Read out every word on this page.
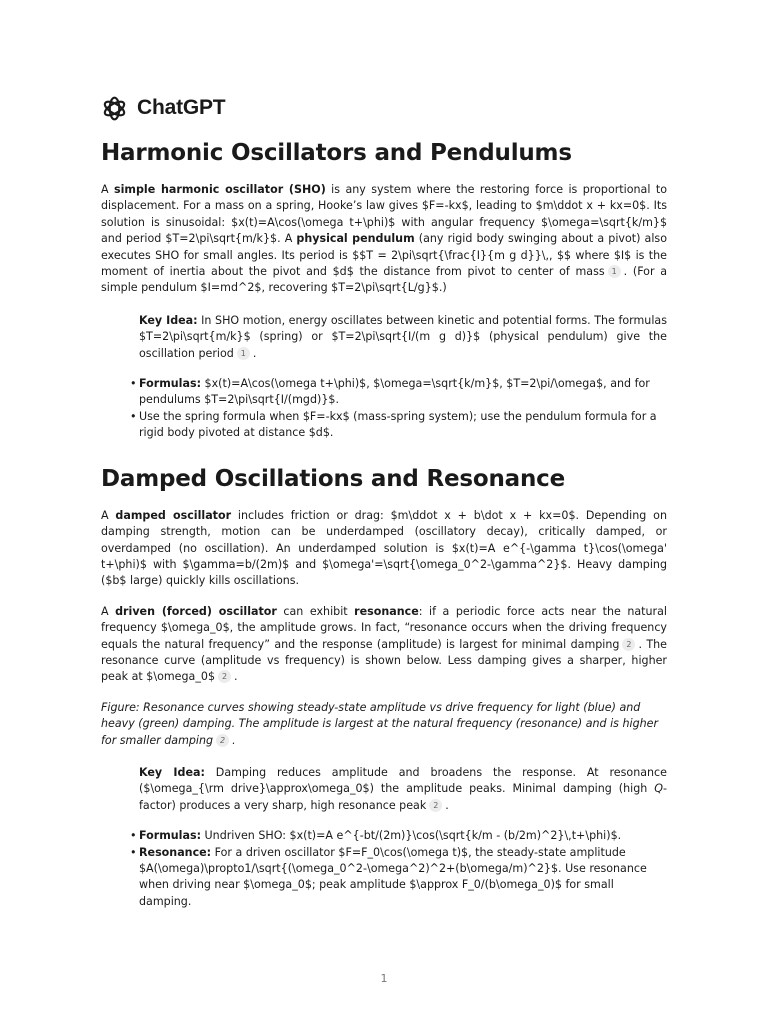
ChatGPT
Harmonic Oscillators and Pendulums

A simple harmonic oscillator (SHO) is any system where the restoring force is proportional to displacement. For a mass on a spring, Hooke’s law gives $F=-kx$, leading to $m\ddot x + kx=0$. Its solution is sinusoidal: $x(t)=A\cos(\omega t+\phi)$ with angular frequency $\omega=\sqrt{k/m}$ and period $T=2\pi\sqrt{m/k}$. A physical pendulum (any rigid body swinging about a pivot) also executes SHO for small angles. Its period is $$T = 2\pi\sqrt{\frac{I}{m g d}}\,, $$ where $I$ is the moment of inertia about the pivot and $d$ the distance from pivot to center of mass 1 . (For a simple pendulum $I=md^2$, recovering $T=2\pi\sqrt{L/g}$.)

Key Idea: In SHO motion, energy oscillates between kinetic and potential forms. The formulas $T=2\pi\sqrt{m/k}$ (spring) or $T=2\pi\sqrt{I/(m g d)}$ (physical pendulum) give the oscillation period 1 .

• Formulas: $x(t)=A\cos(\omega t+\phi)$, $\omega=\sqrt{k/m}$, $T=2\pi/\omega$, and for pendulums $T=2\pi\sqrt{I/(mgd)}$.
• Use the spring formula when $F=-kx$ (mass-spring system); use the pendulum formula for a rigid body pivoted at distance $d$.
Damped Oscillations and Resonance

A damped oscillator includes friction or drag: $m\ddot x + b\dot x + kx=0$. Depending on damping strength, motion can be underdamped (oscillatory decay), critically damped, or overdamped (no oscillation). An underdamped solution is $x(t)=A e^{-\gamma t}\cos(\omega' t+\phi)$ with $\gamma=b/(2m)$ and $\omega'=\sqrt{\omega_0^2-\gamma^2}$. Heavy damping ($b$ large) quickly kills oscillations.

A driven (forced) oscillator can exhibit resonance: if a periodic force acts near the natural frequency $\omega_0$, the amplitude grows. In fact, “resonance occurs when the driving frequency equals the natural frequency” and the response (amplitude) is largest for minimal damping 2 . The resonance curve (amplitude vs frequency) is shown below. Less damping gives a sharper, higher peak at $\omega_0$ 2 .

Figure: Resonance curves showing steady-state amplitude vs drive frequency for light (blue) and heavy (green) damping. The amplitude is largest at the natural frequency (resonance) and is higher for smaller damping 2 .

Key Idea: Damping reduces amplitude and broadens the response. At resonance ($\omega_{\rm drive}\approx\omega_0$) the amplitude peaks. Minimal damping (high Q-factor) produces a very sharp, high resonance peak 2 .

• Formulas: Undriven SHO: $x(t)=A e^{-bt/(2m)}\cos(\sqrt{k/m - (b/2m)^2}\,t+\phi)$.
• Resonance: For a driven oscillator $F=F_0\cos(\omega t)$, the steady-state amplitude $A(\omega)\propto1/\sqrt{(\omega_0^2-\omega^2)^2+(b\omega/m)^2}$. Use resonance when driving near $\omega_0$; peak amplitude $\approx F_0/(b\omega_0)$ for small damping.
1
